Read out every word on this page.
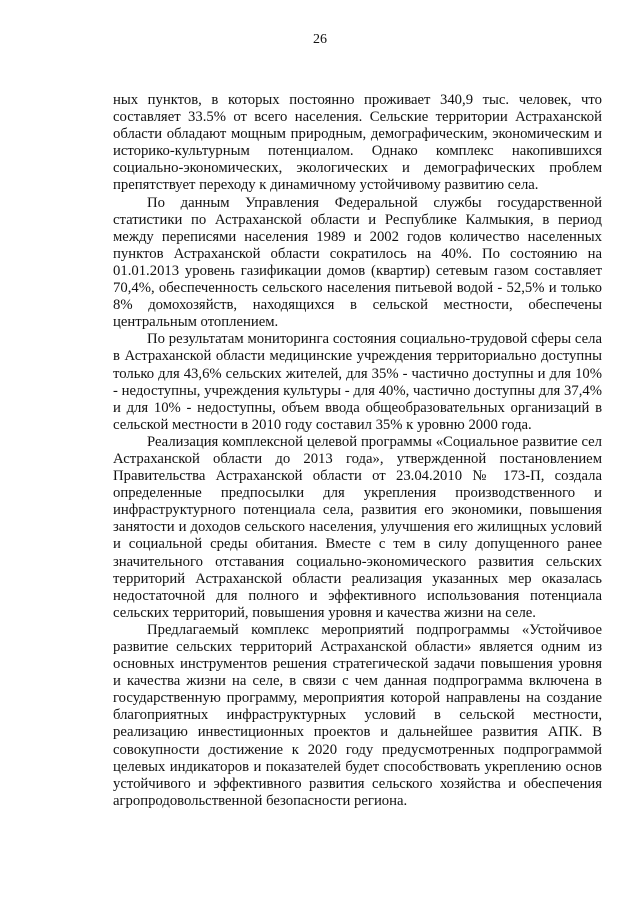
26

ных пунктов, в которых постоянно проживает 340,9 тыс. человек, что составляет 33.5% от всего населения. Сельские территории Астраханской области обладают мощным природным, демографическим, экономическим и историко-культурным потенциалом. Однако комплекс накопившихся социально-экономических, экологических и демографических проблем препятствует переходу к динамичному устойчивому развитию села.

По данным Управления Федеральной службы государственной статистики по Астраханской области и Республике Калмыкия, в период между переписями населения 1989 и 2002 годов количество населенных пунктов Астраханской области сократилось на 40%. По состоянию на 01.01.2013 уровень газификации домов (квартир) сетевым газом составляет 70,4%, обеспеченность сельского населения питьевой водой - 52,5% и только 8% домохозяйств, находящихся в сельской местности, обеспечены центральным отоплением.

По результатам мониторинга состояния социально-трудовой сферы села в Астраханской области медицинские учреждения территориально доступны только для 43,6% сельских жителей, для 35% - частично доступны и для 10% - недоступны, учреждения культуры - для 40%, частично доступны для 37,4% и для 10% - недоступны, объем ввода общеобразовательных организаций в сельской местности в 2010 году составил 35% к уровню 2000 года.

Реализация комплексной целевой программы «Социальное развитие сел Астраханской области до 2013 года», утвержденной постановлением Правительства Астраханской области от 23.04.2010 № 173-П, создала определенные предпосылки для укрепления производственного и инфраструктурного потенциала села, развития его экономики, повышения занятости и доходов сельского населения, улучшения его жилищных условий и социальной среды обитания. Вместе с тем в силу допущенного ранее значительного отставания социально-экономического развития сельских территорий Астраханской области реализация указанных мер оказалась недостаточной для полного и эффективного использования потенциала сельских территорий, повышения уровня и качества жизни на селе.

Предлагаемый комплекс мероприятий подпрограммы «Устойчивое развитие сельских территорий Астраханской области» является одним из основных инструментов решения стратегической задачи повышения уровня и качества жизни на селе, в связи с чем данная подпрограмма включена в государственную программу, мероприятия которой направлены на создание благоприятных инфраструктурных условий в сельской местности, реализацию инвестиционных проектов и дальнейшее развития АПК. В совокупности достижение к 2020 году предусмотренных подпрограммой целевых индикаторов и показателей будет способствовать укреплению основ устойчивого и эффективного развития сельского хозяйства и обеспечения агропродовольственной безопасности региона.
